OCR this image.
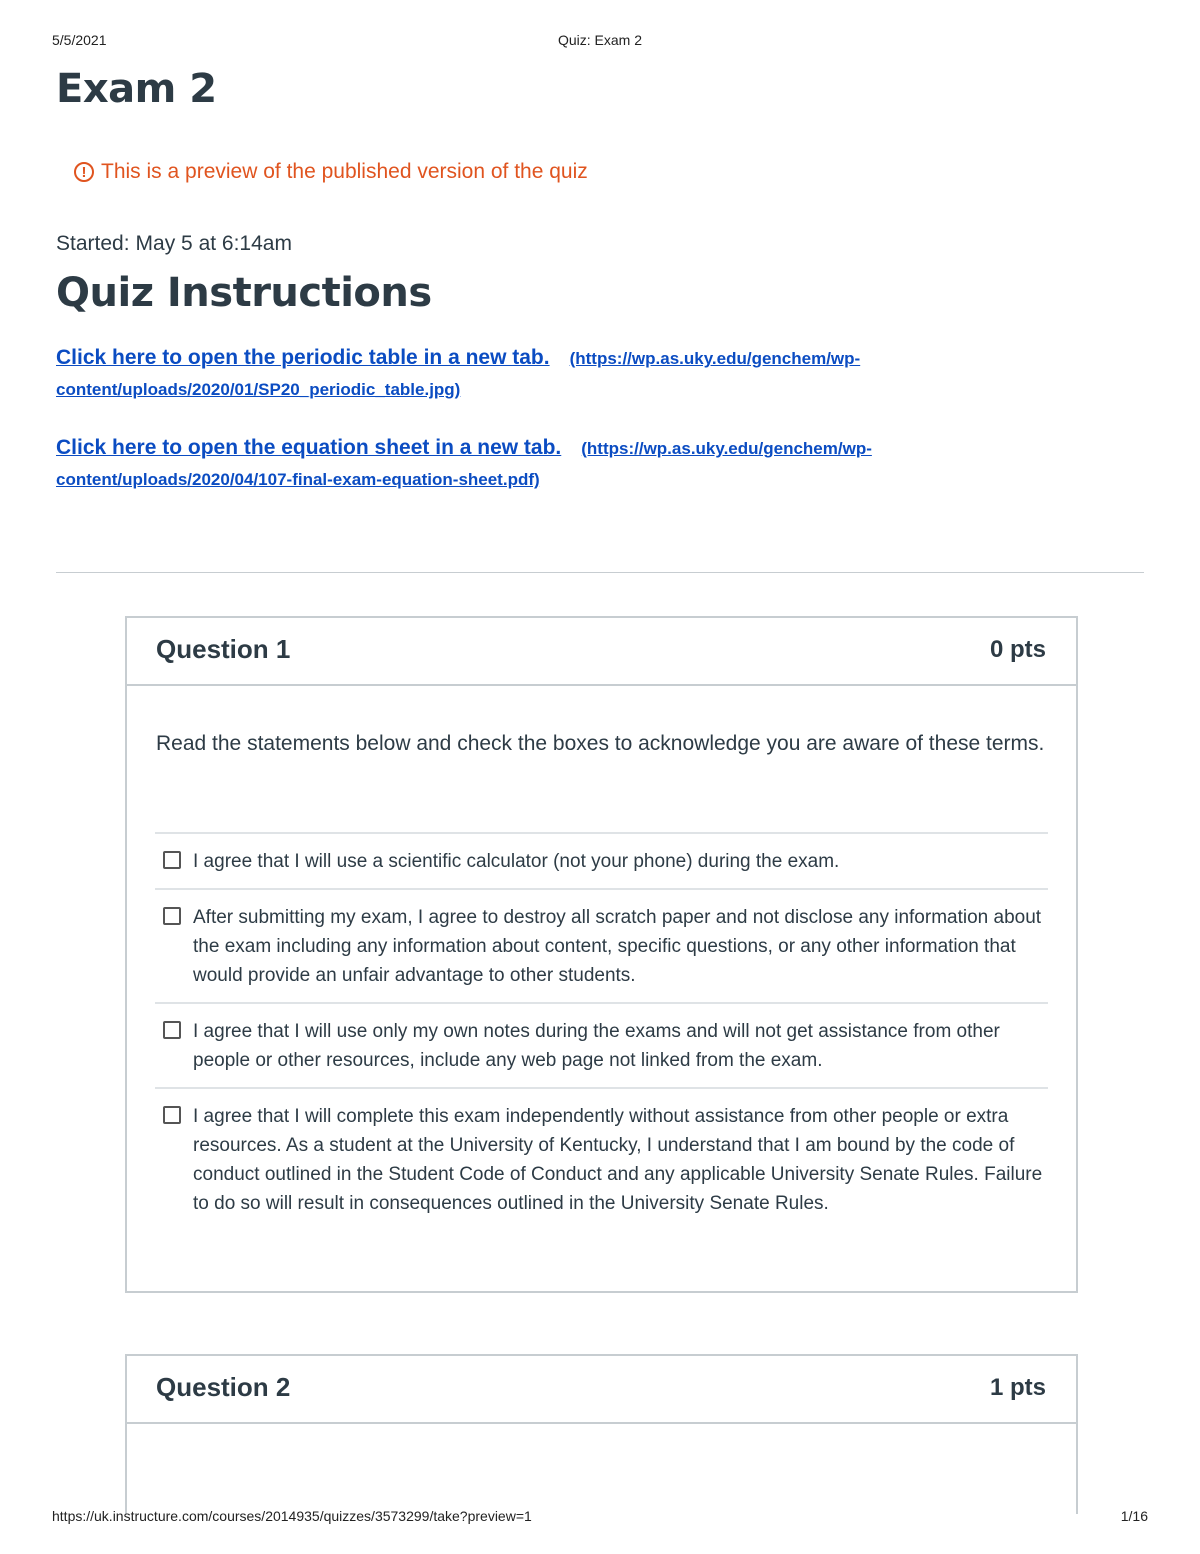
5/5/2021	Quiz: Exam 2
Exam 2
! This is a preview of the published version of the quiz
Started: May 5 at 6:14am
Quiz Instructions
Click here to open the periodic table in a new tab. (https://wp.as.uky.edu/genchem/wp-
content/uploads/2020/01/SP20_periodic_table.jpg)
Click here to open the equation sheet in a new tab. (https://wp.as.uky.edu/genchem/wp-
content/uploads/2020/04/107-final-exam-equation-sheet.pdf)
Question 1	0 pts
Read the statements below and check the boxes to acknowledge you are aware of these terms.
I agree that I will use a scientific calculator (not your phone) during the exam.
After submitting my exam, I agree to destroy all scratch paper and not disclose any information about the exam including any information about content, specific questions, or any other information that would provide an unfair advantage to other students.
I agree that I will use only my own notes during the exams and will not get assistance from other people or other resources, include any web page not linked from the exam.
I agree that I will complete this exam independently without assistance from other people or extra resources. As a student at the University of Kentucky, I understand that I am bound by the code of conduct outlined in the Student Code of Conduct and any applicable University Senate Rules. Failure to do so will result in consequences outlined in the University Senate Rules.
Question 2	1 pts
https://uk.instructure.com/courses/2014935/quizzes/3573299/take?preview=1	1/16
